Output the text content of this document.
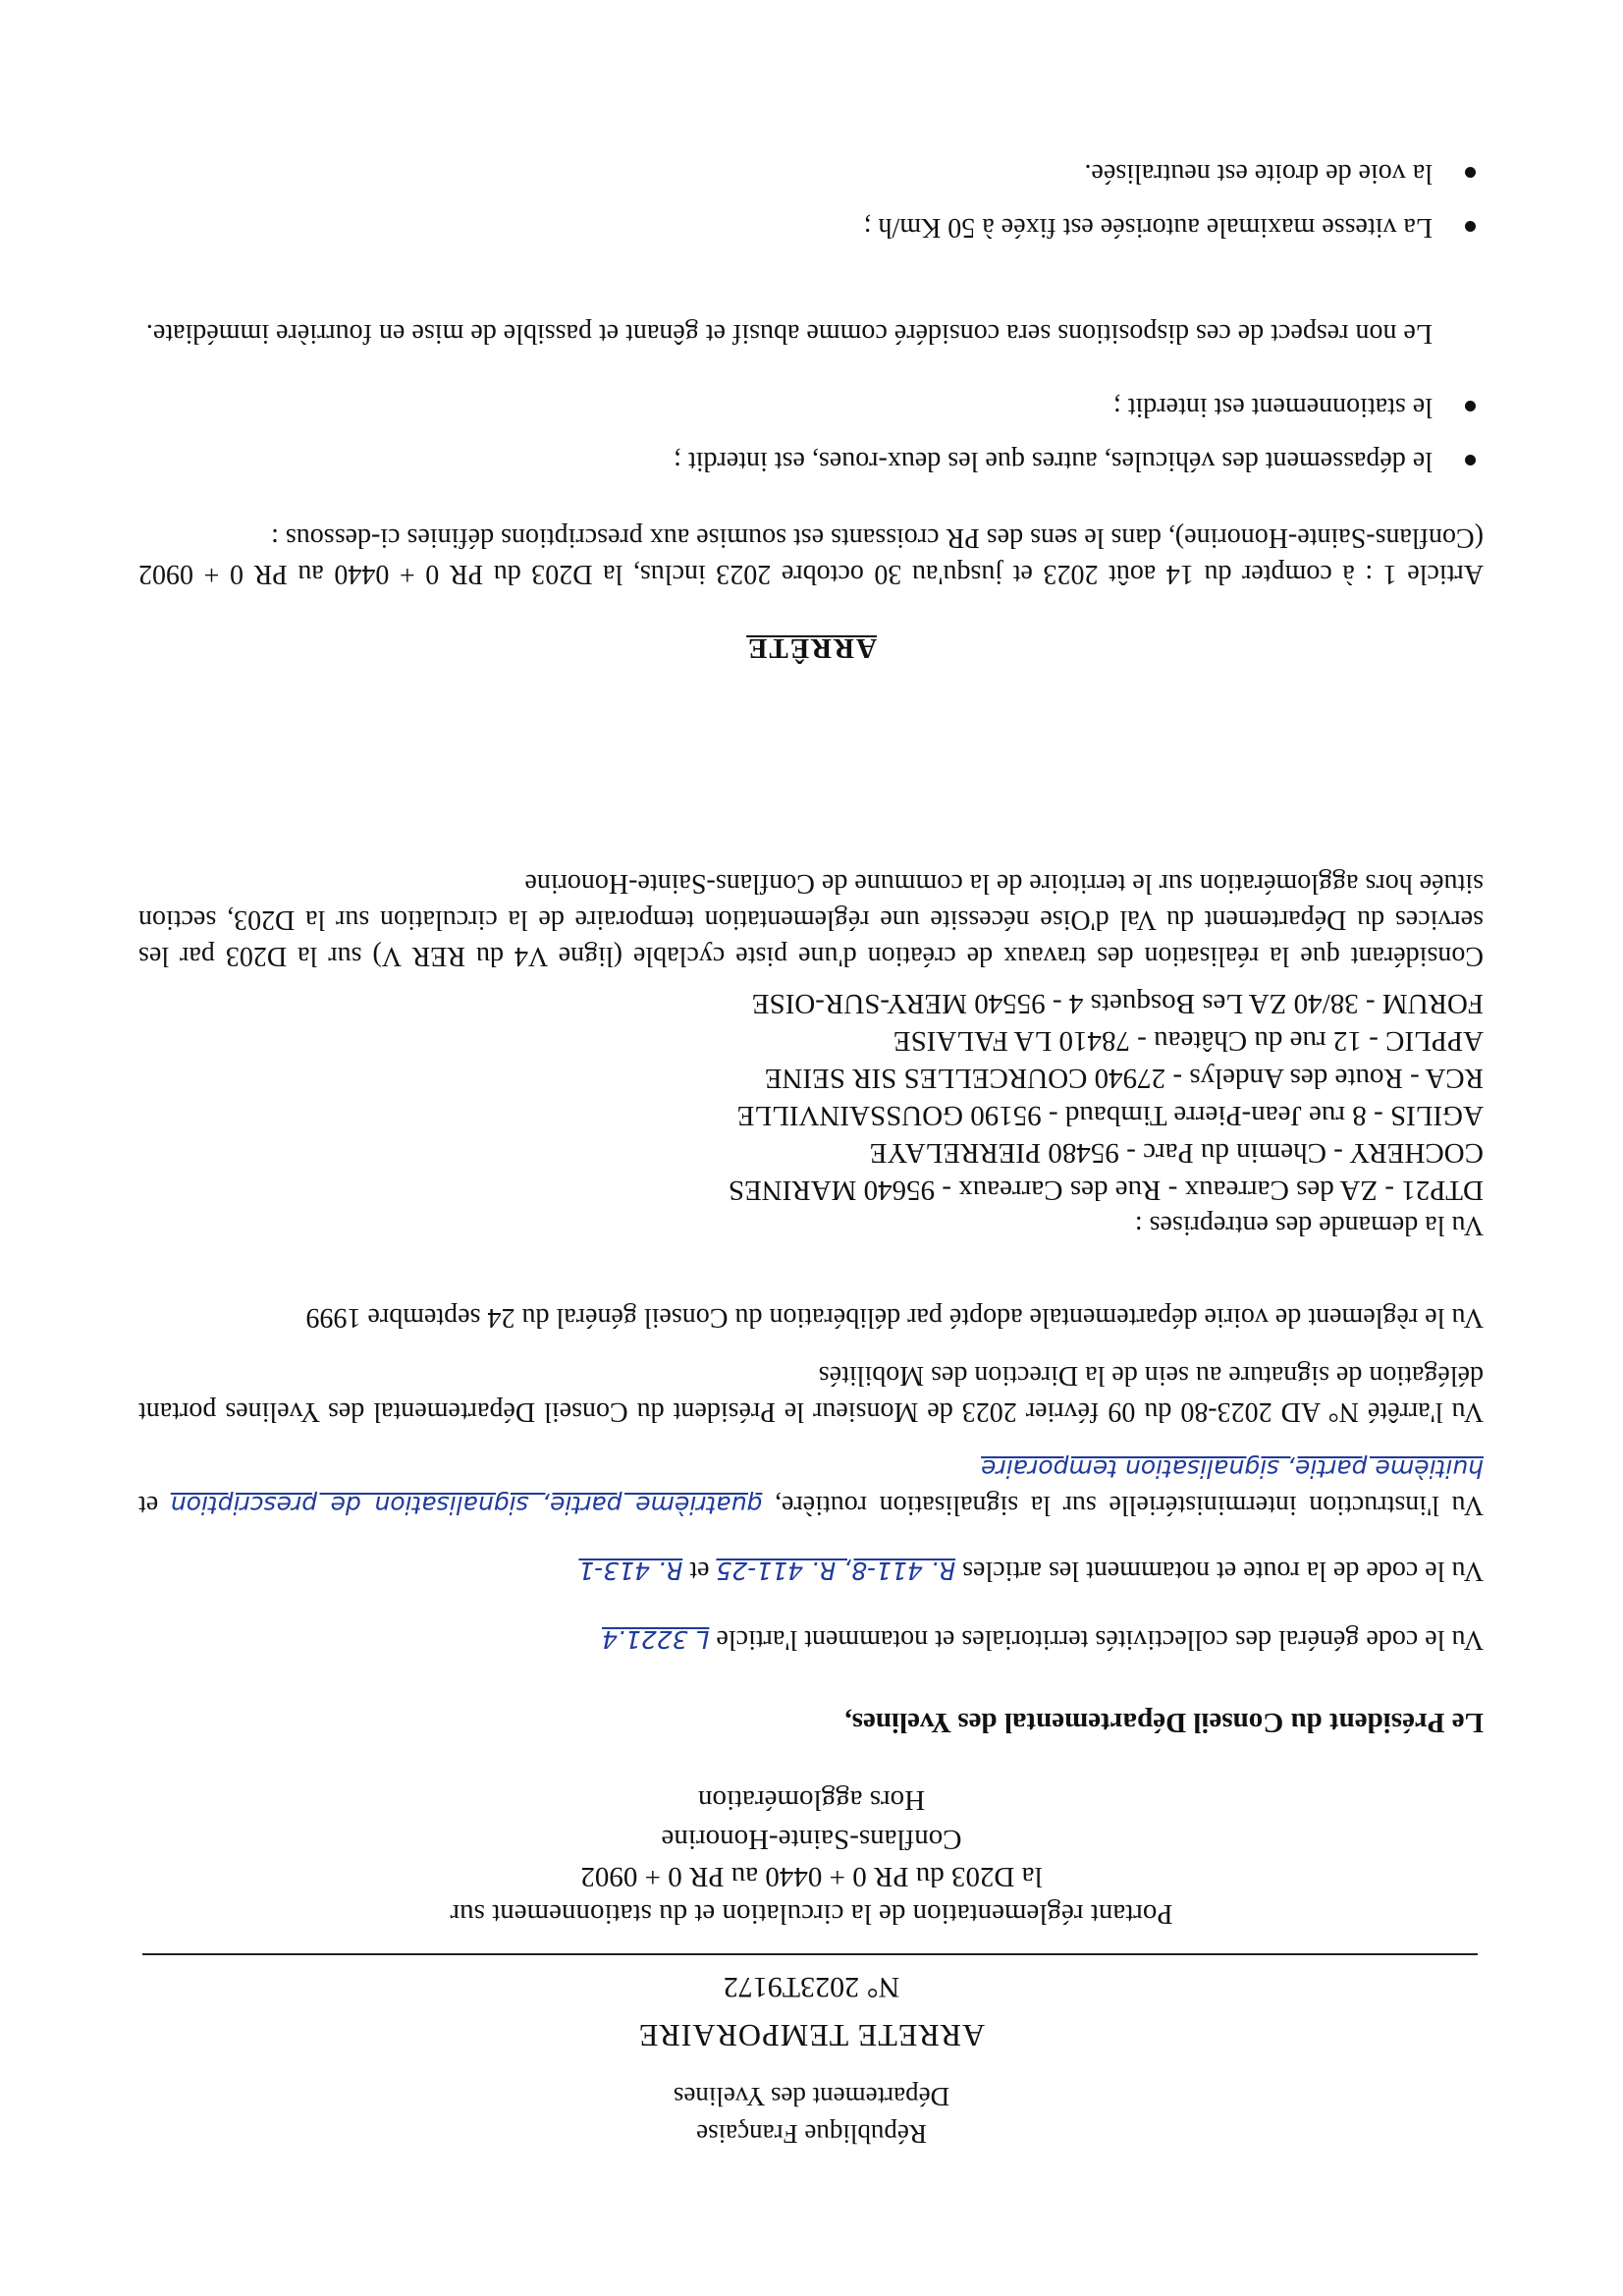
République Française
Département des Yvelines
ARRETE TEMPORAIRE
N° 2023T9172
Portant réglementation de la circulation et du stationnement sur
la D203 du PR 0 + 0440 au PR 0 + 0902
Conflans-Sainte-Honorine
Hors agglomération
Le Président du Conseil Départemental des Yvelines,
Vu le code général des collectivités territoriales et notamment l'article L 3221.4
Vu le code de la route et notamment les articles R. 411-8, R. 411-25 et R. 413-1
Vu l'instruction interministérielle sur la signalisation routière, quatrième partie, signalisation de prescription et huitième partie, signalisation temporaire
Vu l'arrêté N° AD 2023-80 du 09 février 2023 de Monsieur le Président du Conseil Départemental des Yvelines portant délégation de signature au sein de la Direction des Mobilités
Vu le règlement de voirie départementale adopté par délibération du Conseil général du 24 septembre 1999
Vu la demande des entreprises :
DTP21 - ZA des Carreaux - Rue des Carreaux - 95640 MARINES
COCHERY - Chemin du Parc - 95480 PIERRELAYE
AGILIS - 8 rue Jean-Pierre Timbaud - 95190 GOUSSAINVILLE
RCA - Route des Andelys - 27940 COURCELLES SIR SEINE
APPLIC - 12 rue du Château - 78410 LA FALAISE
FORUM - 38/40 ZA Les Bosquets 4 - 95540 MERY-SUR-OISE
Considérant que la réalisation des travaux de création d'une piste cyclable (ligne V4 du RER V) sur la D203 par les services du Département du Val d'Oise nécessite une réglementation temporaire de la circulation sur la D203, section située hors agglomération sur le territoire de la commune de Conflans-Sainte-Honorine
ARRÊTE
Article 1 : à compter du 14 août 2023 et jusqu'au 30 octobre 2023 inclus, la D203 du PR 0 + 0440 au PR 0 + 0902 (Conflans-Sainte-Honorine), dans le sens des PR croissants est soumise aux prescriptions définies ci-dessous :
le dépassement des véhicules, autres que les deux-roues, est interdit ;
le stationnement est interdit ;
Le non respect de ces dispositions sera considéré comme abusif et gênant et passible de mise en fourrière immédiate.
La vitesse maximale autorisée est fixée à 50 Km/h ;
la voie de droite est neutralisée.
